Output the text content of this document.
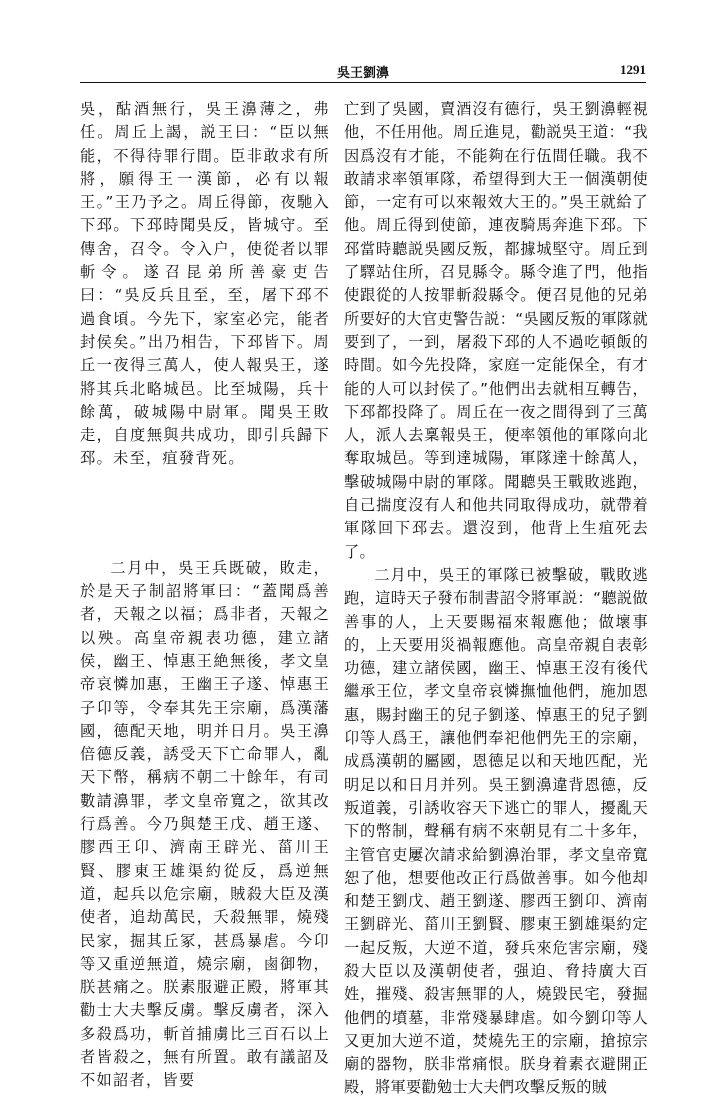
吳王劉濞	1291

吳，酤酒無行，吳王濞薄之，弗任。周丘上謁，説王曰：“臣以無能，不得待罪行間。臣非敢求有所將，願得王一漢節，必有以報王。”王乃予之。周丘得節，夜馳入下邳。下邳時聞吳反，皆城守。至傳舍，召令。令入户，使從者以罪斬令。遂召昆弟所善豪吏告曰：“吳反兵且至，至，屠下邳不過食頃。今先下，家室必完，能者封侯矣。”出乃相告，下邳皆下。周丘一夜得三萬人，使人報吳王，遂將其兵北略城邑。比至城陽，兵十餘萬，破城陽中尉軍。聞吳王敗走，自度無與共成功，即引兵歸下邳。未至，疽發背死。

二月中，吳王兵既破，敗走，於是天子制詔將軍曰：“蓋聞爲善者，天報之以福；爲非者，天報之以殃。高皇帝親表功德，建立諸侯，幽王、悼惠王絶無後，孝文皇帝哀憐加惠，王幽王子遂、悼惠王子卬等，令奉其先王宗廟，爲漢藩國，德配天地，明并日月。吳王濞倍德反義，誘受天下亡命罪人，亂天下幣，稱病不朝二十餘年，有司數請濞罪，孝文皇帝寬之，欲其改行爲善。今乃與楚王戊、趙王遂、膠西王卬、濟南王辟光、菑川王賢、膠東王雄渠約從反，爲逆無道，起兵以危宗廟，賊殺大臣及漢使者，追劫萬民，夭殺無罪，燒殘民家，掘其丘冢，甚爲暴虐。今卬等又重逆無道，燒宗廟，鹵御物，朕甚痛之。朕素服避正殿，將軍其勸士大夫擊反虜。擊反虜者，深入多殺爲功，斬首捕虜比三百石以上者皆殺之，無有所置。敢有議詔及不如詔者，皆要

亡到了吳國，賣酒沒有德行，吳王劉濞輕視他，不任用他。周丘進見，勸説吳王道：“我因爲沒有才能，不能夠在行伍間任職。我不敢請求率領軍隊，希望得到大王一個漢朝使節，一定有可以來報效大王的。”吳王就給了他。周丘得到使節，連夜騎馬奔進下邳。下邳當時聽説吳國反叛，都據城堅守。周丘到了驛站住所，召見縣令。縣令進了門，他指使跟從的人按罪斬殺縣令。便召見他的兄弟所要好的大官吏警告説：“吳國反叛的軍隊就要到了，一到，屠殺下邳的人不過吃頓飯的時間。如今先投降，家庭一定能保全，有才能的人可以封侯了。”他們出去就相互轉告，下邳都投降了。周丘在一夜之間得到了三萬人，派人去稟報吳王，便率領他的軍隊向北奪取城邑。等到達城陽，軍隊達十餘萬人，擊破城陽中尉的軍隊。聞聽吳王戰敗逃跑，自己揣度沒有人和他共同取得成功，就帶着軍隊回下邳去。還沒到，他背上生疽死去了。

二月中，吳王的軍隊已被擊破，戰敗逃跑，這時天子發布制書詔令將軍説：“聽説做善事的人，上天要賜福來報應他；做壞事的，上天要用災禍報應他。高皇帝親自表彰功德，建立諸侯國，幽王、悼惠王沒有後代繼承王位，孝文皇帝哀憐撫恤他們，施加恩惠，賜封幽王的兒子劉遂、悼惠王的兒子劉卬等人爲王，讓他們奉祀他們先王的宗廟，成爲漢朝的屬國，恩德足以和天地匹配，光明足以和日月并列。吳王劉濞違背恩德，反叛道義，引誘收容天下逃亡的罪人，擾亂天下的幣制，聲稱有病不來朝見有二十多年，主管官吏屢次請求給劉濞治罪，孝文皇帝寬恕了他，想要他改正行爲做善事。如今他却和楚王劉戊、趙王劉遂、膠西王劉卬、濟南王劉辟光、菑川王劉賢、膠東王劉雄渠約定一起反叛，大逆不道，發兵來危害宗廟，殘殺大臣以及漢朝使者，强迫、脅持廣大百姓，摧殘、殺害無罪的人，燒毀民宅，發掘他們的墳墓，非常殘暴肆虐。如今劉卬等人又更加大逆不道，焚燒先王的宗廟，搶掠宗廟的器物，朕非常痛恨。朕身着素衣避開正殿，將軍要勸勉士大夫們攻擊反叛的賊
